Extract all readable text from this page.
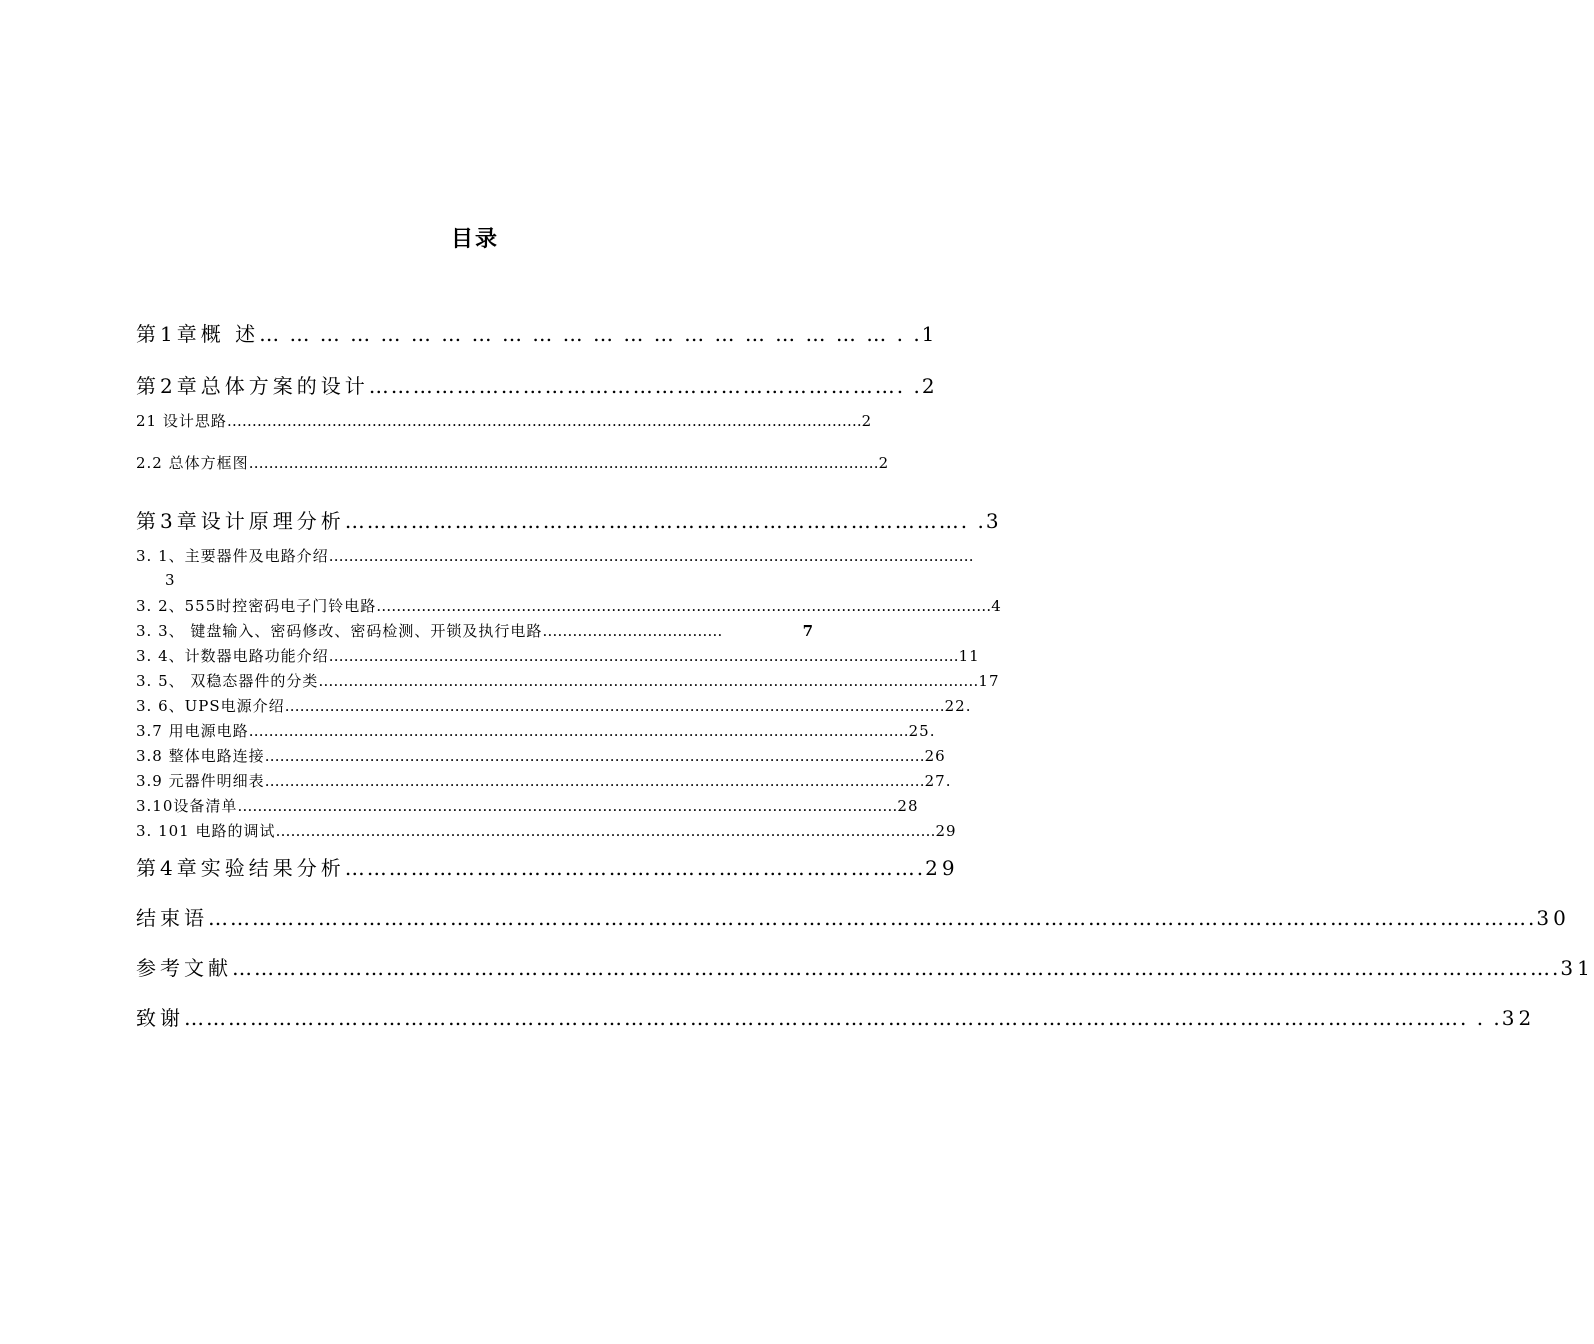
目录
第1章概 述 … … … … … … … … … … … … … … … … … … … … … . . 1
第2章总体方案的设计 ………………………………………………………………. . 2
21 设计思路 ………………………………………………………………………………………………………………. 2
2.2 总体方框图 ……………………………………………………………………………………………………………… 2
第3章设计原理分析 …………………………………………………………………………. . 3
3. 1、主要器件及电路介绍 …………………………………………………………………………………………………………………
3
3. 2、555时控密码电子门铃电路 …………………………………………………………………………………………………………… 4
3. 3、 键盘输入、密码修改、密码检测、开锁及执行电路 ………………………………	7
3. 4、计数器电路功能介绍 ……………………………………………………………………………………………………………… 11
3. 5、 双稳态器件的分类 …………………………………………………………………………………………………………………… 17
3. 6、UPS电源介绍 …………………………………………………………………………………………………………………… 22.
3.7 用电源电路 …………………………………………………………………………………………………………………… 25.
3.8 整体电路连接 …………………………………………………………………………………………………………………… 26
3.9 元器件明细表 …………………………………………………………………………………………………………………… 27.
3.10设备清单 …………………………………………………………………………………………………………………… 28
3. 101 电路的调试 …………………………………………………………………………………………………………………… 29
第4章实验结果分析 ……………………………………………………………………. 29
结束语 ………………………………………………………………………………………………………………………………………………………………. 30
参考文献 ………………………………………………………………………………………………………………………………………………………………. 31
致谢 …………………………………………………………………………………………………………………………………………………………. . . 32
